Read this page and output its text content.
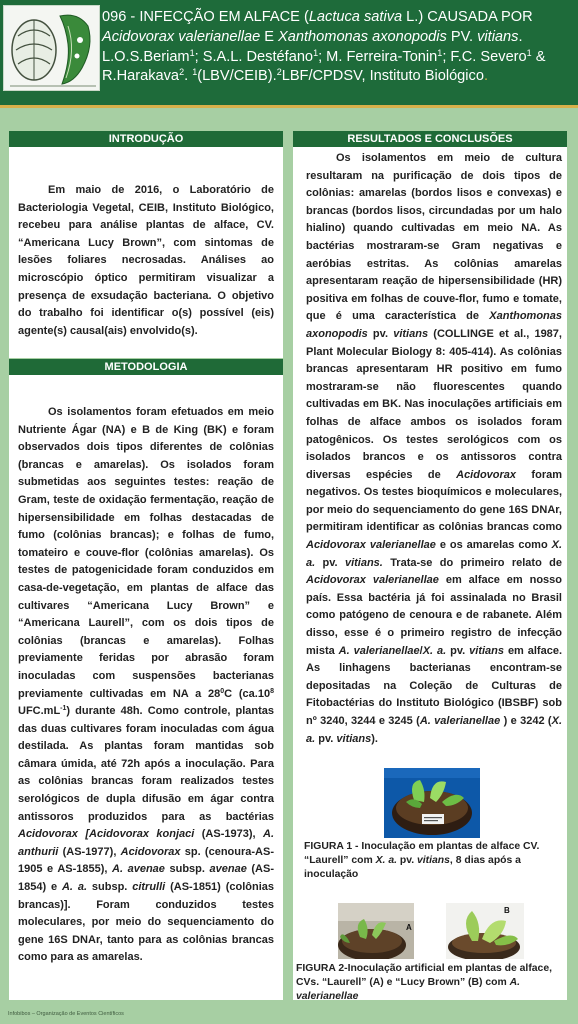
096 - INFECÇÃO EM ALFACE (Lactuca sativa L.) CAUSADA POR
Acidovorax valerianellae E Xanthomonas axonopodis PV. vitians.
L.O.S.Beriam$^1$; S.A.L. Destéfano$^1$; M. Ferreira-Tonin$^1$; F.C. Severo$^1$ &
R.Harakava$^2$. $^1$(LBV/CEIB).$^2$LBF/CPDSV, Instituto Biológico.
INTRODUÇÃO
METODOLOGIA
RESULTADOS E CONCLUSÕES
Em maio de 2016, o Laboratório de Bacteriologia Vegetal, CEIB, Instituto Biológico, recebeu para análise plantas de alface, CV. “Americana Lucy Brown”, com sintomas de lesões foliares necrosadas. Análises ao microscópio óptico permitiram visualizar a presença de exsudação bacteriana. O objetivo do trabalho foi identificar o(s) possível (eis) agente(s) causal(ais) envolvido(s).
Os isolamentos foram efetuados em meio Nutriente Ágar (NA) e B de King (BK) e foram observados dois tipos diferentes de colônias (brancas e amarelas). Os isolados foram submetidas aos seguintes testes: reação de Gram, teste de oxidação fermentação, reação de hipersensibilidade em folhas destacadas de fumo (colônias brancas); e folhas de fumo, tomateiro e couve-flor (colônias amarelas). Os testes de patogenicidade foram conduzidos em casa-de-vegetação, em plantas de alface das cultivares “Americana Lucy Brown” e “Americana Laurell”, com os dois tipos de colônias (brancas e amarelas). Folhas previamente feridas por abrasão foram inoculadas com suspensões bacterianas previamente cultivadas em NA a $28^0C$ ($ca.10^8$ $UFC.mL^{-1}$) durante 48h. Como controle, plantas das duas cultivares foram inoculadas com água destilada. As plantas foram mantidas sob câmara úmida, até 72h após a inoculação. Para as colônias brancas foram realizados testes serológicos de dupla difusão em ágar contra antissoros produzidos para as bactérias Acidovorax [Acidovorax konjaci (AS-1973), A. anthurii (AS-1977), Acidovorax sp. (cenoura-AS-1905 e AS-1855), A. avenae subsp. avenae (AS-1854) e A. a. subsp. citrulli (AS-1851) (colônias brancas)]. Foram conduzidos testes moleculares, por meio do sequenciamento do gene 16S DNAr, tanto para as colônias brancas como para as amarelas.
Os isolamentos em meio de cultura resultaram na purificação de dois tipos de colônias: amarelas (bordos lisos e convexas) e brancas (bordos lisos, circundadas por um halo hialino) quando cultivadas em meio NA. As bactérias mostraram-se Gram negativas e aeróbias estritas. As colônias amarelas apresentaram reação de hipersensibilidade (HR) positiva em folhas de couve-flor, fumo e tomate, que é uma característica de Xanthomonas axonopodis pv. vitians (COLLINGE et al., 1987, Plant Molecular Biology 8: 405-414). As colônias brancas apresentaram HR positivo em fumo mostraram-se não fluorescentes quando cultivadas em BK. Nas inoculações artificiais em folhas de alface ambos os isolados foram patogênicos. Os testes serológicos com os isolados brancos e os antissoros contra diversas espécies de Acidovorax foram negativos. Os testes bioquímicos e moleculares, por meio do sequenciamento do gene 16S DNAr, permitiram identificar as colônias brancas como Acidovorax valerianellae e os amarelas como X. a. pv. vitians. Trata-se do primeiro relato de Acidovorax valerianellae em alface em nosso país. Essa bactéria já foi assinalada no Brasil como patógeno de cenoura e de rabanete. Além disso, esse é o primeiro registro de infecção mista A. valerianellae/X. a. pv. vitians em alface. As linhagens bacterianas encontram-se depositadas na Coleção de Culturas de Fitobactérias do Instituto Biológico (IBSBF) sob nº 3240, 3244 e 3245 (A. valerianellae ) e 3242 (X. a. pv. vitians).
FIGURA 1 - Inoculação em plantas de alface CV. “Laurell” com X. a. pv. vitians, 8 dias após a inoculação
A
B
FIGURA 2-Inoculação artificial em plantas de alface, CVs. “Laurell” (A) e “Lucy Brown” (B) com A. valerianellae
Infobibos – Organização de Eventos Científicos
